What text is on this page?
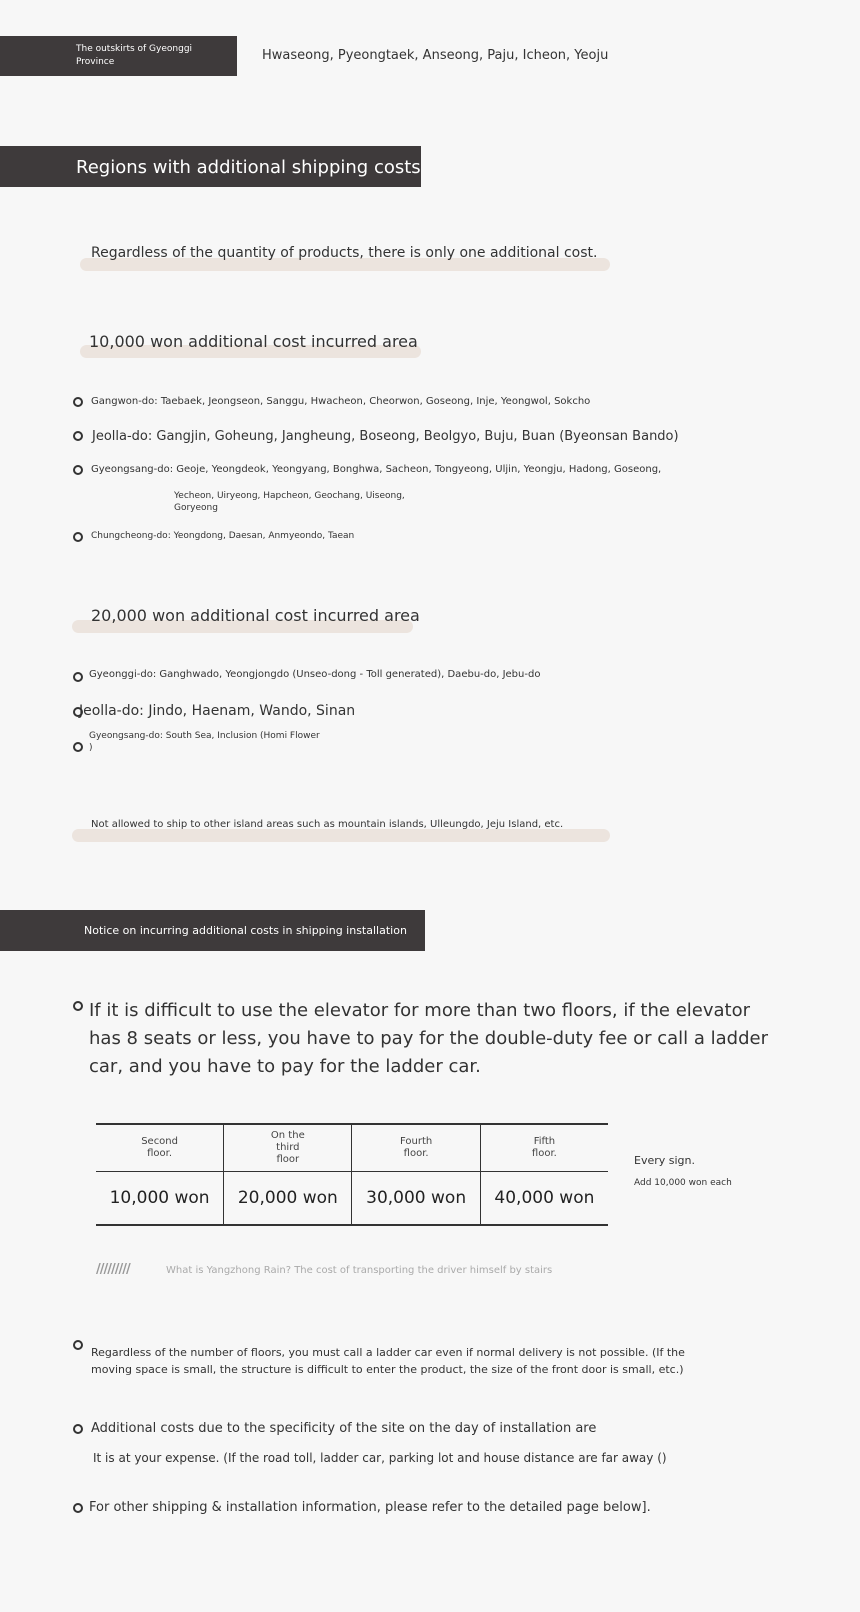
The outskirts of Gyeonggi Province	Hwaseong, Pyeongtaek, Anseong, Paju, Icheon, Yeoju
Regions with additional shipping costs
Regardless of the quantity of products, there is only one additional cost.
10,000 won additional cost incurred area
Gangwon-do: Taebaek, Jeongseon, Sanggu, Hwacheon, Cheorwon, Goseong, Inje, Yeongwol, Sokcho
Jeolla-do: Gangjin, Goheung, Jangheung, Boseong, Beolgyo, Buju, Buan (Byeonsan Bando)
Gyeongsang-do: Geoje, Yeongdeok, Yeongyang, Bonghwa, Sacheon, Tongyeong, Uljin, Yeongju, Hadong, Goseong,
Yecheon, Uiryeong, Hapcheon, Geochang, Uiseong,
Goryeong
Chungcheong-do: Yeongdong, Daesan, Anmyeondo, Taean
20,000 won additional cost incurred area
Gyeonggi-do: Ganghwado, Yeongjongdo (Unseo-dong - Toll generated), Daebu-do, Jebu-do
Jeolla-do: Jindo, Haenam, Wando, Sinan
Gyeongsang-do: South Sea, Inclusion (Homi Flower
)
Not allowed to ship to other island areas such as mountain islands, Ulleungdo, Jeju Island, etc.
Notice on incurring additional costs in shipping installation
If it is difficult to use the elevator for more than two floors, if the elevator
has 8 seats or less, you have to pay for the double-duty fee or call a ladder
car, and you have to pay for the ladder car.
Second floor.	On the third floor	Fourth floor.	Fifth floor.
10,000 won	20,000 won	30,000 won	40,000 won
Every sign.
Add 10,000 won each
/////////	What is Yangzhong Rain? The cost of transporting the driver himself by stairs
Regardless of the number of floors, you must call a ladder car even if normal delivery is not possible. (If the
moving space is small, the structure is difficult to enter the product, the size of the front door is small, etc.)
Additional costs due to the specificity of the site on the day of installation are
It is at your expense. (If the road toll, ladder car, parking lot and house distance are far away ()
For other shipping & installation information, please refer to the detailed page below].
